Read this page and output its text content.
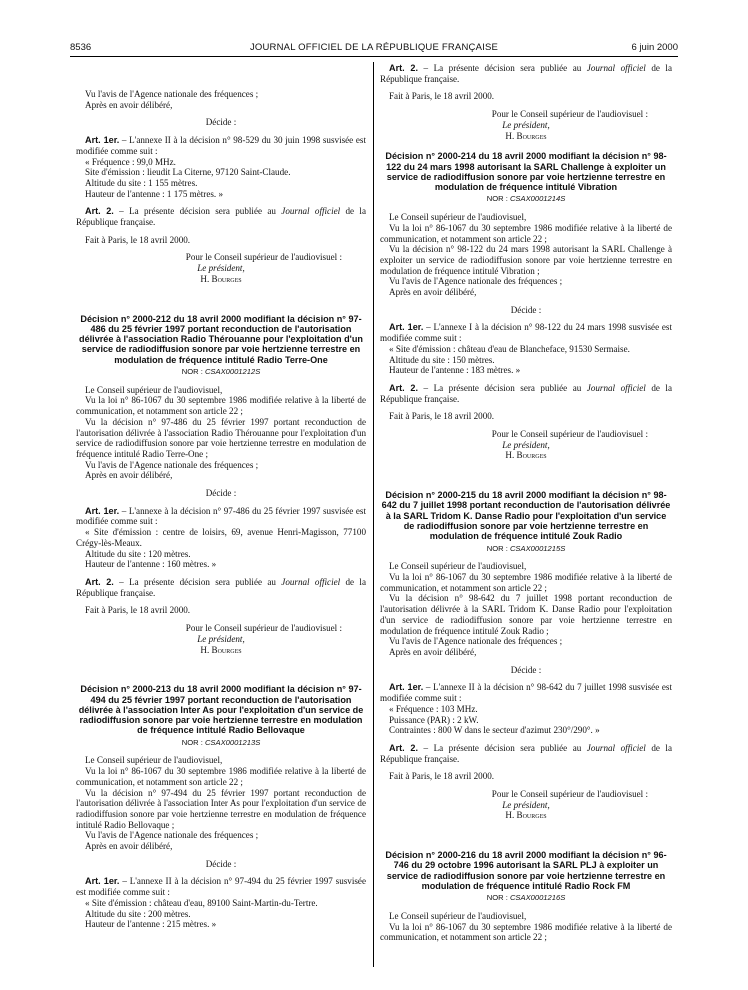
8536	JOURNAL OFFICIEL DE LA RÉPUBLIQUE FRANÇAISE	6 juin 2000

Vu l'avis de l'Agence nationale des fréquences ;

Après en avoir délibéré,

Décide :

Art. 1er. – L'annexe II à la décision n° 98-529 du 30 juin 1998 susvisée est modifiée comme suit :

« Fréquence : 99,0 MHz.

Site d'émission : lieudit La Citerne, 97120 Saint-Claude.

Altitude du site : 1 155 mètres.

Hauteur de l'antenne : 1 175 mètres. »

Art. 2. – La présente décision sera publiée au Journal officiel de la République française.

Fait à Paris, le 18 avril 2000.

Pour le Conseil supérieur de l'audiovisuel :

Le président,

H. Bourges

Décision n° 2000-212 du 18 avril 2000 modifiant la décision n° 97-486 du 25 février 1997 portant reconduction de l'autorisation délivrée à l'association Radio Thérouanne pour l'exploitation d'un service de radiodiffusion sonore par voie hertzienne terrestre en modulation de fréquence intitulé Radio Terre-One

NOR : CSAX0001212S

Le Conseil supérieur de l'audiovisuel,

Vu la loi n° 86-1067 du 30 septembre 1986 modifiée relative à la liberté de communication, et notamment son article 22 ;

Vu la décision n° 97-486 du 25 février 1997 portant reconduction de l'autorisation délivrée à l'association Radio Thérouanne pour l'exploitation d'un service de radiodiffusion sonore par voie hertzienne terrestre en modulation de fréquence intitulé Radio Terre-One ;

Vu l'avis de l'Agence nationale des fréquences ;

Après en avoir délibéré,

Décide :

Art. 1er. – L'annexe à la décision n° 97-486 du 25 février 1997 susvisée est modifiée comme suit :

« Site d'émission : centre de loisirs, 69, avenue Henri-Magisson, 77100 Crégy-lès-Meaux.

Altitude du site : 120 mètres.

Hauteur de l'antenne : 160 mètres. »

Art. 2. – La présente décision sera publiée au Journal officiel de la République française.

Fait à Paris, le 18 avril 2000.

Pour le Conseil supérieur de l'audiovisuel :

Le président,

H. Bourges

Décision n° 2000-213 du 18 avril 2000 modifiant la décision n° 97-494 du 25 février 1997 portant reconduction de l'autorisation délivrée à l'association Inter As pour l'exploitation d'un service de radiodiffusion sonore par voie hertzienne terrestre en modulation de fréquence intitulé Radio Bellovaque

NOR : CSAX0001213S

Le Conseil supérieur de l'audiovisuel,

Vu la loi n° 86-1067 du 30 septembre 1986 modifiée relative à la liberté de communication, et notamment son article 22 ;

Vu la décision n° 97-494 du 25 février 1997 portant reconduction de l'autorisation délivrée à l'association Inter As pour l'exploitation d'un service de radiodiffusion sonore par voie hertzienne terrestre en modulation de fréquence intitulé Radio Bellovaque ;

Vu l'avis de l'Agence nationale des fréquences ;

Après en avoir délibéré,

Décide :

Art. 1er. – L'annexe II à la décision n° 97-494 du 25 février 1997 susvisée est modifiée comme suit :

« Site d'émission : château d'eau, 89100 Saint-Martin-du-Tertre.

Altitude du site : 200 mètres.

Hauteur de l'antenne : 215 mètres. »

Art. 2. – La présente décision sera publiée au Journal officiel de la République française.

Fait à Paris, le 18 avril 2000.

Pour le Conseil supérieur de l'audiovisuel :

Le président,

H. Bourges

Décision n° 2000-214 du 18 avril 2000 modifiant la décision n° 98-122 du 24 mars 1998 autorisant la SARL Challenge à exploiter un service de radiodiffusion sonore par voie hertzienne terrestre en modulation de fréquence intitulé Vibration

NOR : CSAX0001214S

Le Conseil supérieur de l'audiovisuel,

Vu la loi n° 86-1067 du 30 septembre 1986 modifiée relative à la liberté de communication, et notamment son article 22 ;

Vu la décision n° 98-122 du 24 mars 1998 autorisant la SARL Challenge à exploiter un service de radiodiffusion sonore par voie hertzienne terrestre en modulation de fréquence intitulé Vibration ;

Vu l'avis de l'Agence nationale des fréquences ;

Après en avoir délibéré,

Décide :

Art. 1er. – L'annexe I à la décision n° 98-122 du 24 mars 1998 susvisée est modifiée comme suit :

« Site d'émission : château d'eau de Blancheface, 91530 Sermaise.

Altitude du site : 150 mètres.

Hauteur de l'antenne : 183 mètres. »

Art. 2. – La présente décision sera publiée au Journal officiel de la République française.

Fait à Paris, le 18 avril 2000.

Pour le Conseil supérieur de l'audiovisuel :

Le président,

H. Bourges

Décision n° 2000-215 du 18 avril 2000 modifiant la décision n° 98-642 du 7 juillet 1998 portant reconduction de l'autorisation délivrée à la SARL Tridom K. Danse Radio pour l'exploitation d'un service de radiodiffusion sonore par voie hertzienne terrestre en modulation de fréquence intitulé Zouk Radio

NOR : CSAX0001215S

Le Conseil supérieur de l'audiovisuel,

Vu la loi n° 86-1067 du 30 septembre 1986 modifiée relative à la liberté de communication, et notamment son article 22 ;

Vu la décision n° 98-642 du 7 juillet 1998 portant reconduction de l'autorisation délivrée à la SARL Tridom K. Danse Radio pour l'exploitation d'un service de radiodiffusion sonore par voie hertzienne terrestre en modulation de fréquence intitulé Zouk Radio ;

Vu l'avis de l'Agence nationale des fréquences ;

Après en avoir délibéré,

Décide :

Art. 1er. – L'annexe II à la décision n° 98-642 du 7 juillet 1998 susvisée est modifiée comme suit :

« Fréquence : 103 MHz.

Puissance (PAR) : 2 kW.

Contraintes : 800 W dans le secteur d'azimut 230°/290°. »

Art. 2. – La présente décision sera publiée au Journal officiel de la République française.

Fait à Paris, le 18 avril 2000.

Pour le Conseil supérieur de l'audiovisuel :

Le président,

H. Bourges

Décision n° 2000-216 du 18 avril 2000 modifiant la décision n° 96-746 du 29 octobre 1996 autorisant la SARL PLJ à exploiter un service de radiodiffusion sonore par voie hertzienne terrestre en modulation de fréquence intitulé Radio Rock FM

NOR : CSAX0001216S

Le Conseil supérieur de l'audiovisuel,

Vu la loi n° 86-1067 du 30 septembre 1986 modifiée relative à la liberté de communication, et notamment son article 22 ;
